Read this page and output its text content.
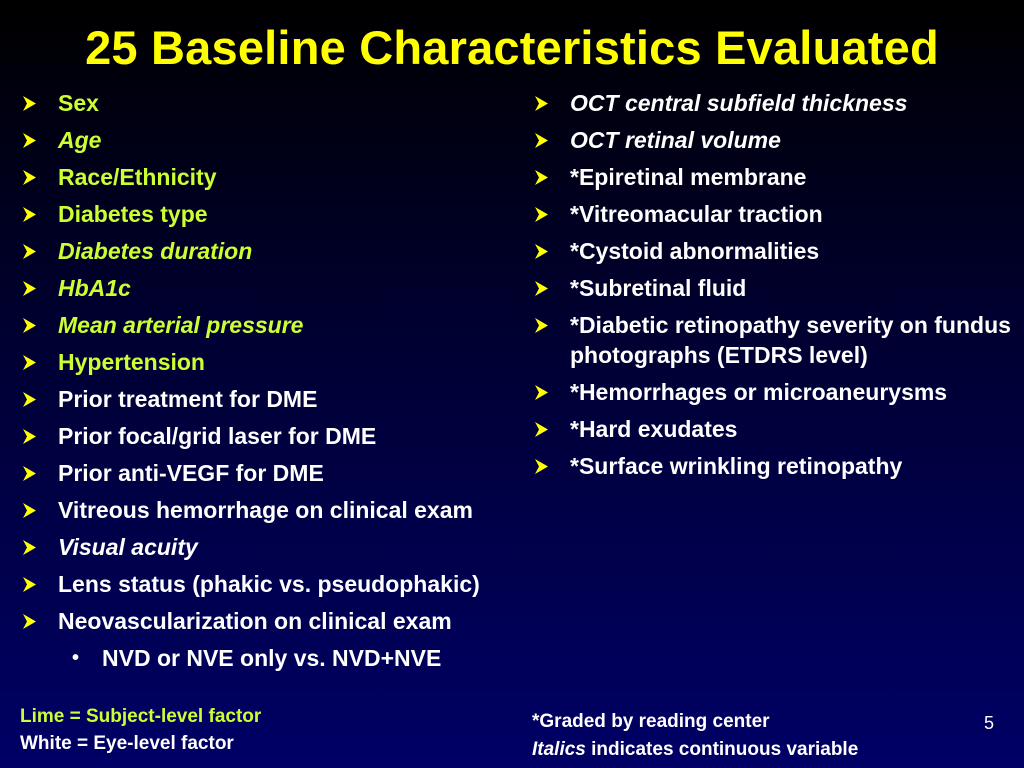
25 Baseline Characteristics Evaluated
Sex
Age
Race/Ethnicity
Diabetes type
Diabetes duration
HbA1c
Mean arterial pressure
Hypertension
Prior treatment for DME
Prior focal/grid laser for DME
Prior anti-VEGF for DME
Vitreous hemorrhage on clinical exam
Visual acuity
Lens status (phakic vs. pseudophakic)
Neovascularization on clinical exam
• NVD or NVE only vs. NVD+NVE
OCT central subfield thickness
OCT retinal volume
*Epiretinal membrane
*Vitreomacular traction
*Cystoid abnormalities
*Subretinal fluid
*Diabetic retinopathy severity on fundus photographs (ETDRS level)
*Hemorrhages or microaneurysms
*Hard exudates
*Surface wrinkling retinopathy
Lime = Subject-level factor
White = Eye-level factor
*Graded by reading center
Italics indicates continuous variable
5
